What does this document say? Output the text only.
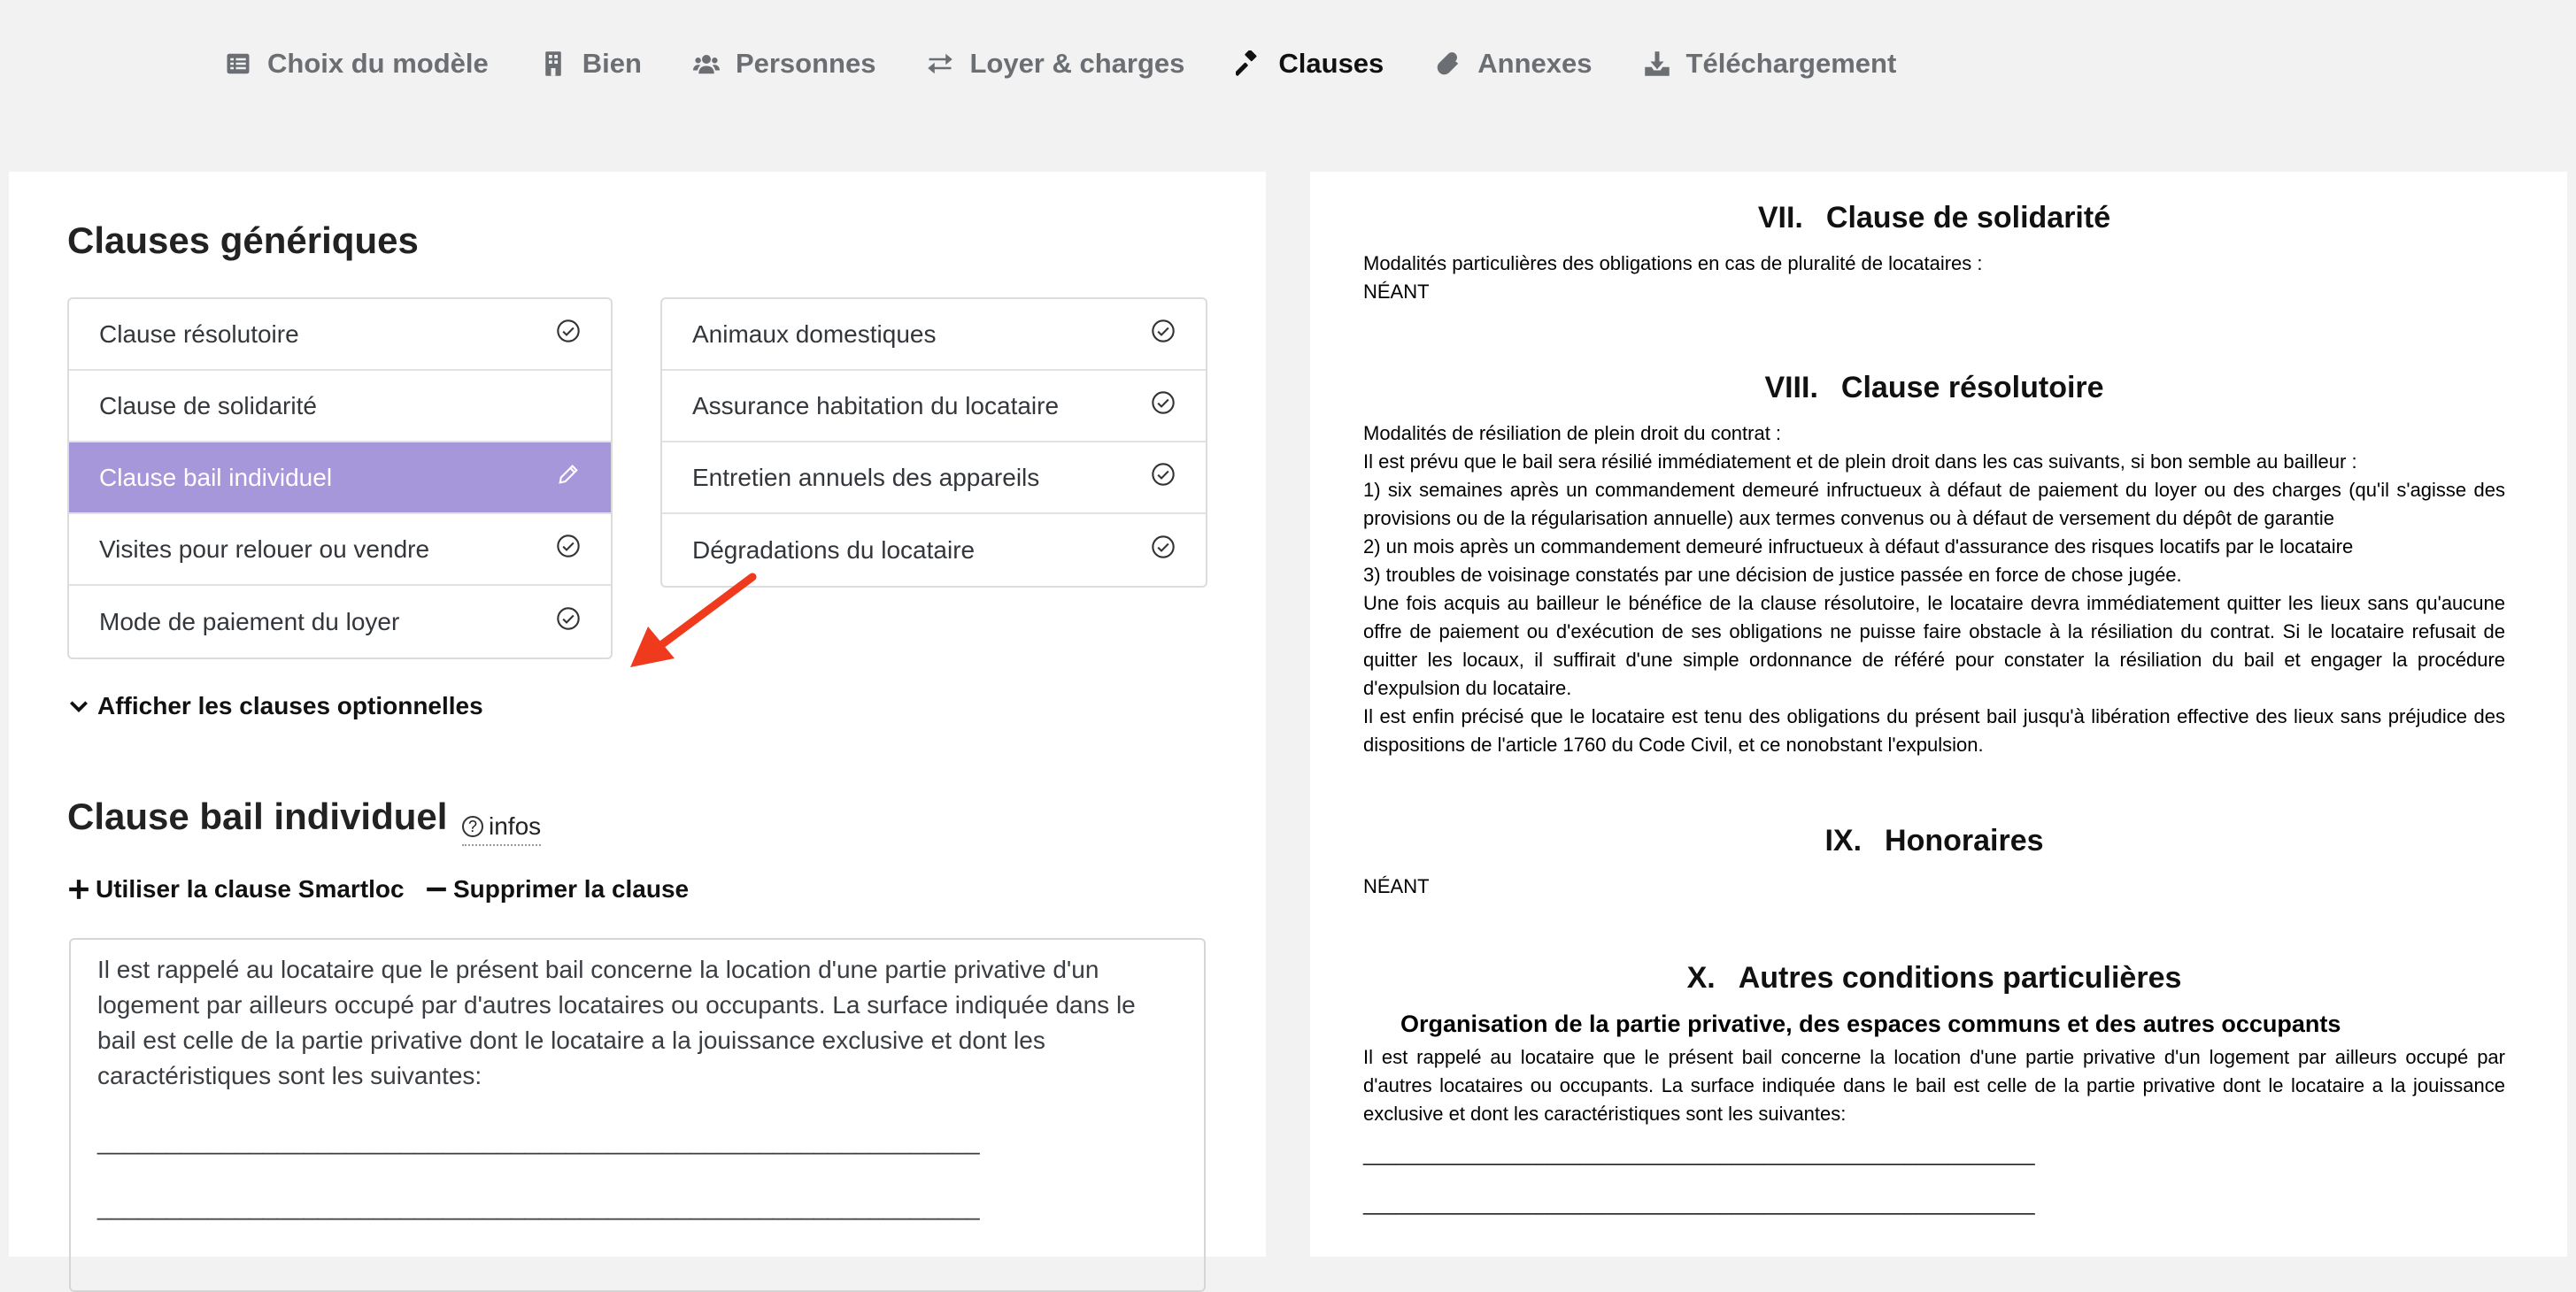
Choix du modèle	Bien	Personnes	Loyer & charges	Clauses	Annexes	Téléchargement
Clauses génériques
Clause résolutoire
Clause de solidarité
Clause bail individuel
Visites pour relouer ou vendre
Mode de paiement du loyer
Animaux domestiques
Assurance habitation du locataire
Entretien annuels des appareils
Dégradations du locataire
Afficher les clauses optionnelles
Clause bail individuel	? infos
Utiliser la clause Smartloc Supprimer la clause

Il est rappelé au locataire que le présent bail concerne la location d'une partie privative d'un logement par ailleurs occupé par d'autres locataires ou occupants. La surface indiquée dans le bail est celle de la partie privative dont le locataire a la jouissance exclusive et dont les caractéristiques sont les suivantes:

________________________________________________________________

________________________________________________________________

VII. Clause de solidarité

Modalités particulières des obligations en cas de pluralité de locataires :

NÉANT

VIII. Clause résolutoire

Modalités de résiliation de plein droit du contrat :

Il est prévu que le bail sera résilié immédiatement et de plein droit dans les cas suivants, si bon semble au bailleur :

1) six semaines après un commandement demeuré infructueux à défaut de paiement du loyer ou des charges (qu'il s'agisse des provisions ou de la régularisation annuelle) aux termes convenus ou à défaut de versement du dépôt de garantie

2) un mois après un commandement demeuré infructueux à défaut d'assurance des risques locatifs par le locataire

3) troubles de voisinage constatés par une décision de justice passée en force de chose jugée.

Une fois acquis au bailleur le bénéfice de la clause résolutoire, le locataire devra immédiatement quitter les lieux sans qu'aucune offre de paiement ou d'exécution de ses obligations ne puisse faire obstacle à la résiliation du contrat. Si le locataire refusait de quitter les locaux, il suffirait d'une simple ordonnance de référé pour constater la résiliation du bail et engager la procédure d'expulsion du locataire.

Il est enfin précisé que le locataire est tenu des obligations du présent bail jusqu'à libération effective des lieux sans préjudice des dispositions de l'article 1760 du Code Civil, et ce nonobstant l'expulsion.

IX. Honoraires

NÉANT

X. Autres conditions particulières
Organisation de la partie privative, des espaces communs et des autres occupants

Il est rappelé au locataire que le présent bail concerne la location d'une partie privative d'un logement par ailleurs occupé par d'autres locataires ou occupants. La surface indiquée dans le bail est celle de la partie privative dont le locataire a la jouissance exclusive et dont les caractéristiques sont les suivantes:

______________________________________________________________

______________________________________________________________
